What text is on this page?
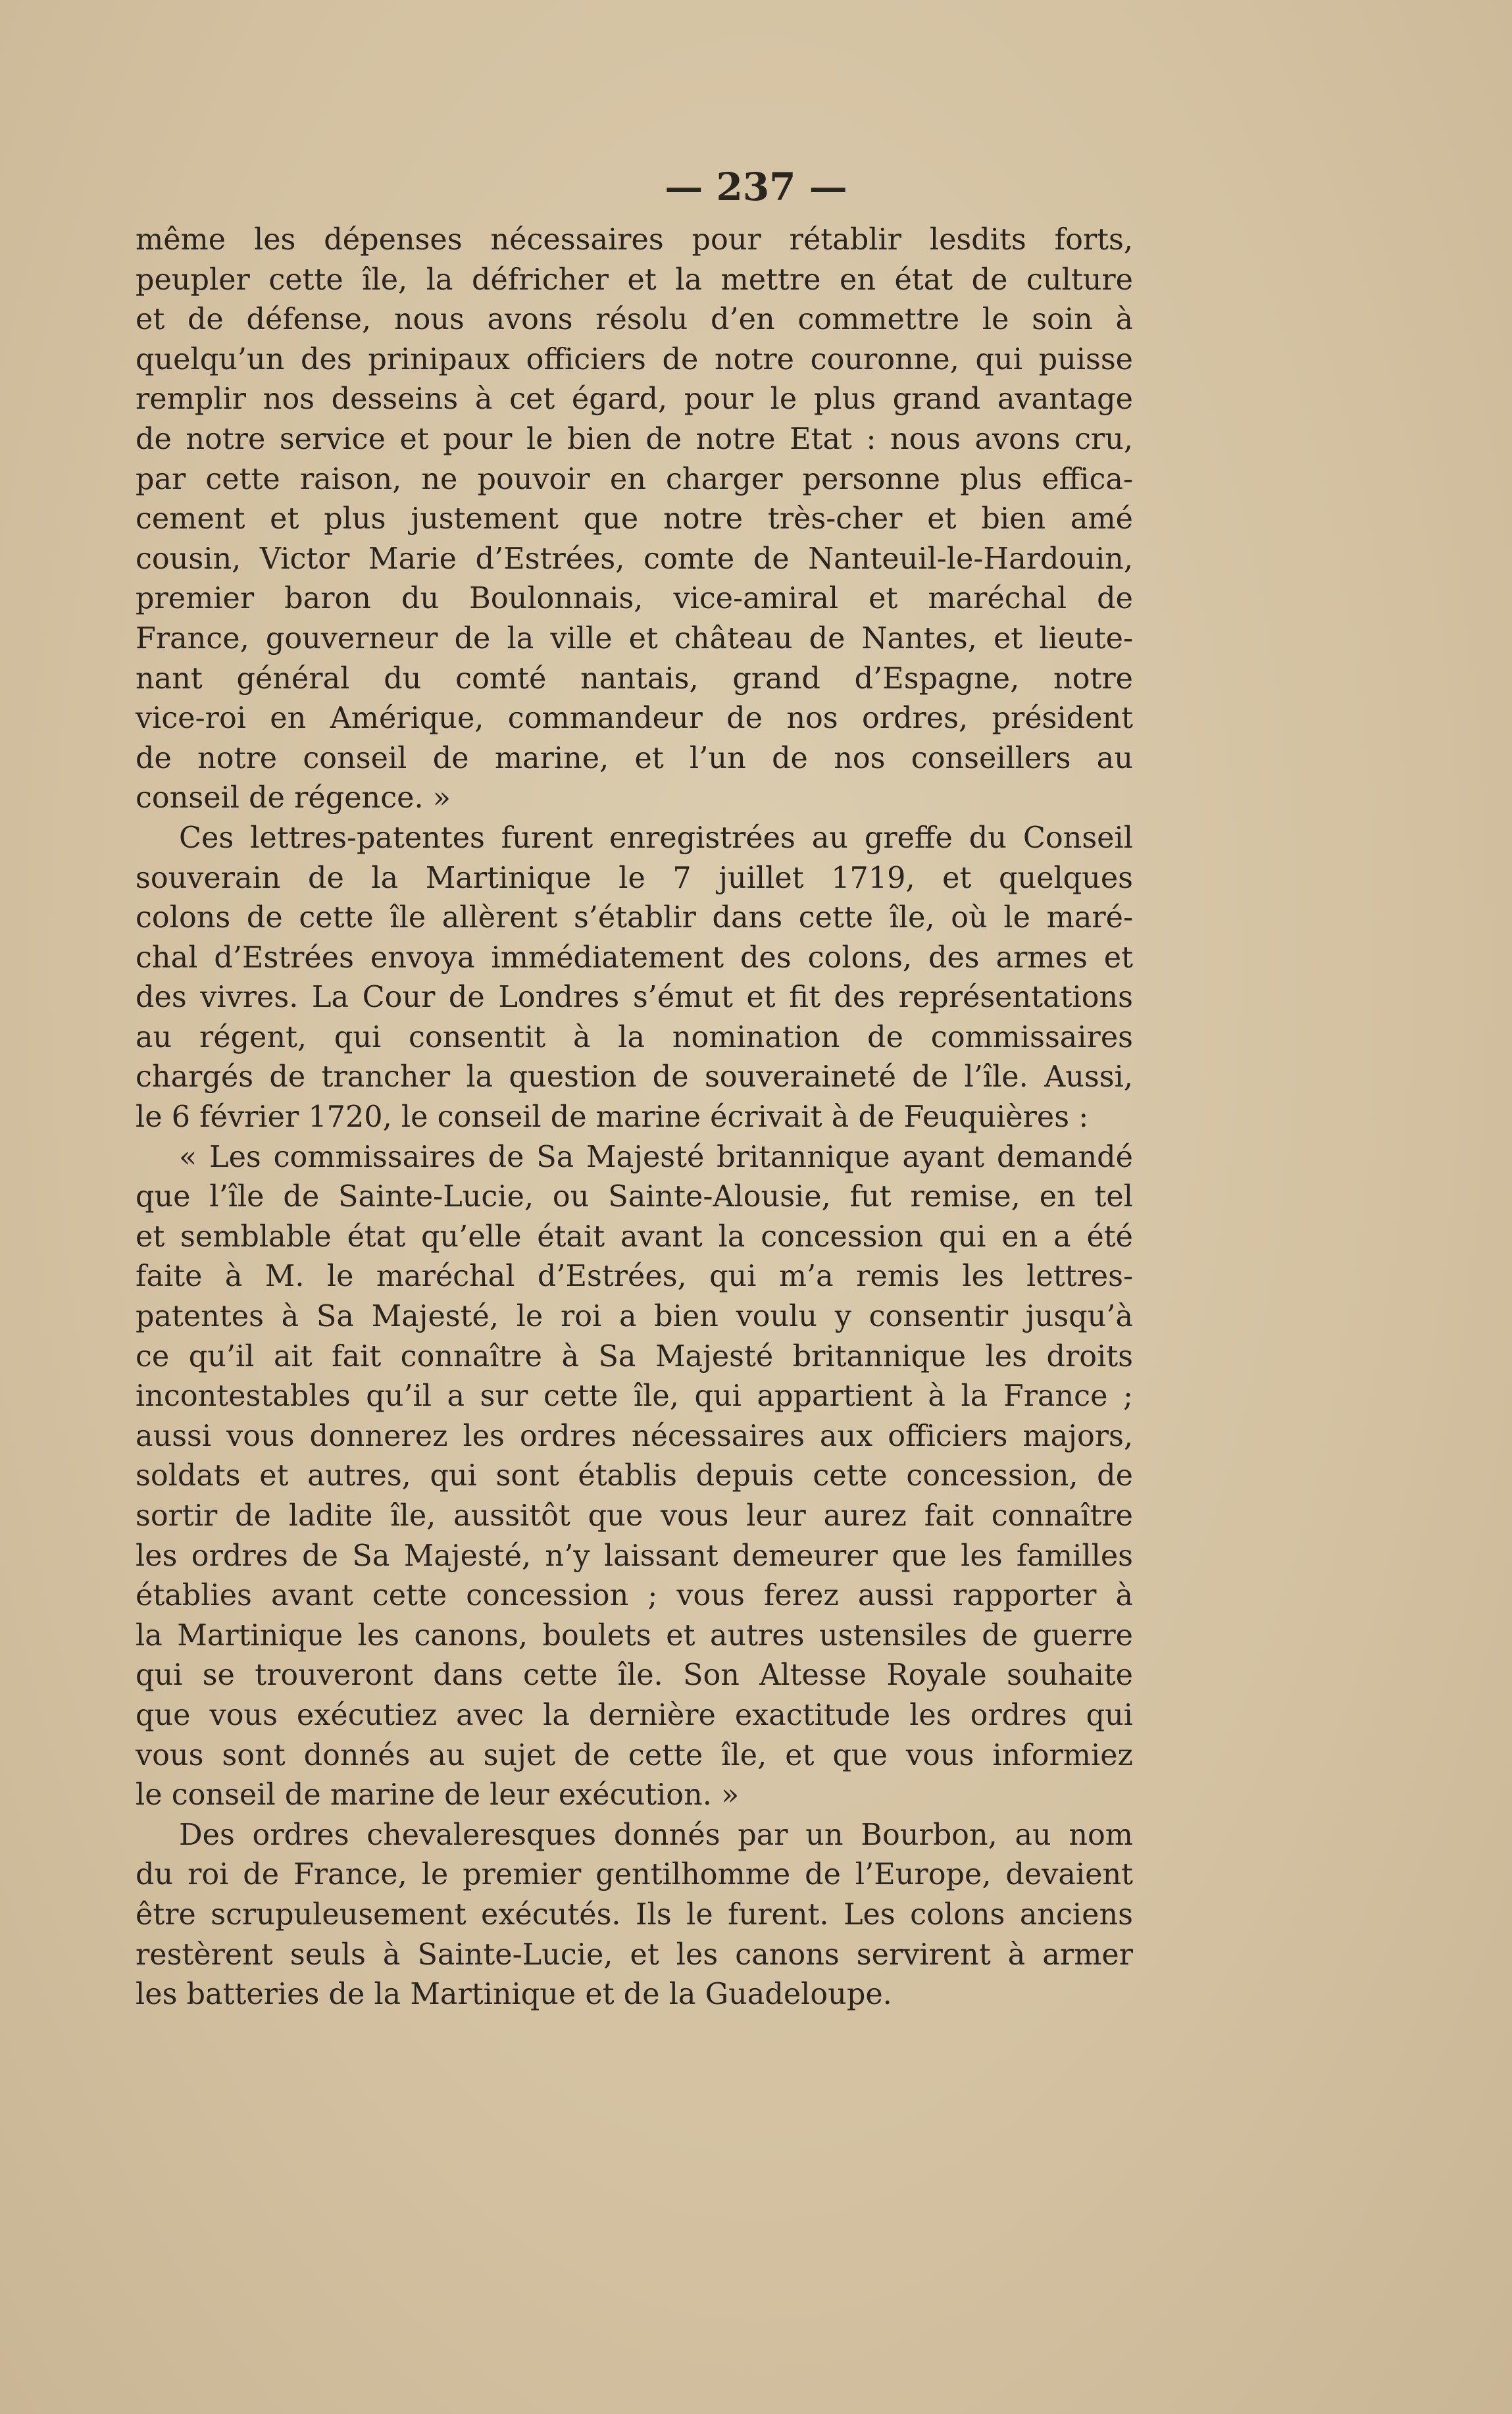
— 237 —
même les dépenses nécessaires pour rétablir lesdits forts,
peupler cette île, la défricher et la mettre en état de culture
et de défense, nous avons résolu d’en commettre le soin à
quelqu’un des prinipaux officiers de notre couronne, qui puisse
remplir nos desseins à cet égard, pour le plus grand avantage
de notre service et pour le bien de notre Etat : nous avons cru,
par cette raison, ne pouvoir en charger personne plus effica-
cement et plus justement que notre très-cher et bien amé
cousin, Victor Marie d’Estrées, comte de Nanteuil-le-Hardouin,
premier baron du Boulonnais, vice-amiral et maréchal de
France, gouverneur de la ville et château de Nantes, et lieute-
nant général du comté nantais, grand d’Espagne, notre
vice-roi en Amérique, commandeur de nos ordres, président
de notre conseil de marine, et l’un de nos conseillers au
conseil de régence. »
Ces lettres-patentes furent enregistrées au greffe du Conseil
souverain de la Martinique le 7 juillet 1719, et quelques
colons de cette île allèrent s’établir dans cette île, où le maré-
chal d’Estrées envoya immédiatement des colons, des armes et
des vivres. La Cour de Londres s’émut et fit des représentations
au régent, qui consentit à la nomination de commissaires
chargés de trancher la question de souveraineté de l’île. Aussi,
le 6 février 1720, le conseil de marine écrivait à de Feuquières :
« Les commissaires de Sa Majesté britannique ayant demandé
que l’île de Sainte-Lucie, ou Sainte-Alousie, fut remise, en tel
et semblable état qu’elle était avant la concession qui en a été
faite à M. le maréchal d’Estrées, qui m’a remis les lettres-
patentes à Sa Majesté, le roi a bien voulu y consentir jusqu’à
ce qu’il ait fait connaître à Sa Majesté britannique les droits
incontestables qu’il a sur cette île, qui appartient à la France ;
aussi vous donnerez les ordres nécessaires aux officiers majors,
soldats et autres, qui sont établis depuis cette concession, de
sortir de ladite île, aussitôt que vous leur aurez fait connaître
les ordres de Sa Majesté, n’y laissant demeurer que les familles
établies avant cette concession ; vous ferez aussi rapporter à
la Martinique les canons, boulets et autres ustensiles de guerre
qui se trouveront dans cette île. Son Altesse Royale souhaite
que vous exécutiez avec la dernière exactitude les ordres qui
vous sont donnés au sujet de cette île, et que vous informiez
le conseil de marine de leur exécution. »
Des ordres chevaleresques donnés par un Bourbon, au nom
du roi de France, le premier gentilhomme de l’Europe, devaient
être scrupuleusement exécutés. Ils le furent. Les colons anciens
restèrent seuls à Sainte-Lucie, et les canons servirent à armer
les batteries de la Martinique et de la Guadeloupe.
